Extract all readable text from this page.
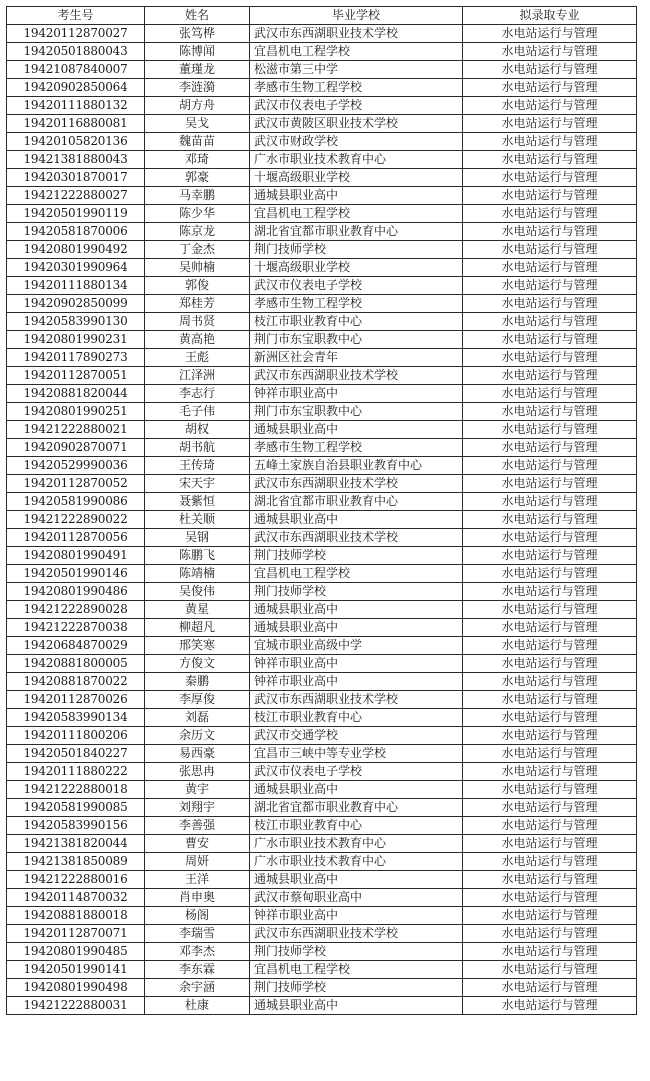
考生号	姓名	毕业学校	拟录取专业
19420112870027	张笃桦	武汉市东西湖职业技术学校	水电站运行与管理
19420501880043	陈博闻	宜昌机电工程学校	水电站运行与管理
19421087840007	董瑾龙	松滋市第三中学	水电站运行与管理
19420902850064	李涟漪	孝感市生物工程学校	水电站运行与管理
19420111880132	胡方舟	武汉市仪表电子学校	水电站运行与管理
19420116880081	吴戈	武汉市黄陂区职业技术学校	水电站运行与管理
19420105820136	魏苗苗	武汉市财政学校	水电站运行与管理
19421381880043	邓琦	广水市职业技术教育中心	水电站运行与管理
19420301870017	郭豪	十堰高级职业学校	水电站运行与管理
19421222880027	马幸鹏	通城县职业高中	水电站运行与管理
19420501990119	陈少华	宜昌机电工程学校	水电站运行与管理
19420581870006	陈京龙	湖北省宜都市职业教育中心	水电站运行与管理
19420801990492	丁金杰	荆门技师学校	水电站运行与管理
19420301990964	吴帅楠	十堰高级职业学校	水电站运行与管理
19420111880134	郭俊	武汉市仪表电子学校	水电站运行与管理
19420902850099	郑桂芳	孝感市生物工程学校	水电站运行与管理
19420583990130	周书贤	枝江市职业教育中心	水电站运行与管理
19420801990231	黄高艳	荆门市东宝职教中心	水电站运行与管理
19420117890273	王彪	新洲区社会青年	水电站运行与管理
19420112870051	江泽洲	武汉市东西湖职业技术学校	水电站运行与管理
19420881820044	李志行	钟祥市职业高中	水电站运行与管理
19420801990251	毛子伟	荆门市东宝职教中心	水电站运行与管理
19421222880021	胡权	通城县职业高中	水电站运行与管理
19420902870071	胡书航	孝感市生物工程学校	水电站运行与管理
19420529990036	王传琦	五峰土家族自治县职业教育中心	水电站运行与管理
19420112870052	宋天宇	武汉市东西湖职业技术学校	水电站运行与管理
19420581990086	聂紫恒	湖北省宜都市职业教育中心	水电站运行与管理
19421222890022	杜关顺	通城县职业高中	水电站运行与管理
19420112870056	吴钢	武汉市东西湖职业技术学校	水电站运行与管理
19420801990491	陈鹏飞	荆门技师学校	水电站运行与管理
19420501990146	陈靖楠	宜昌机电工程学校	水电站运行与管理
19420801990486	吴俊伟	荆门技师学校	水电站运行与管理
19421222890028	黄星	通城县职业高中	水电站运行与管理
19421222870038	柳超凡	通城县职业高中	水电站运行与管理
19420684870029	邢笑寒	宜城市职业高级中学	水电站运行与管理
19420881800005	方俊文	钟祥市职业高中	水电站运行与管理
19420881870022	秦鹏	钟祥市职业高中	水电站运行与管理
19420112870026	李厚俊	武汉市东西湖职业技术学校	水电站运行与管理
19420583990134	刘磊	枝江市职业教育中心	水电站运行与管理
19420111800206	余历文	武汉市交通学校	水电站运行与管理
19420501840227	易西豪	宜昌市三峡中等专业学校	水电站运行与管理
19420111880222	张思冉	武汉市仪表电子学校	水电站运行与管理
19421222880018	黄宇	通城县职业高中	水电站运行与管理
19420581990085	刘翔宇	湖北省宜都市职业教育中心	水电站运行与管理
19420583990156	李善强	枝江市职业教育中心	水电站运行与管理
19421381820044	曹安	广水市职业技术教育中心	水电站运行与管理
19421381850089	周妍	广水市职业技术教育中心	水电站运行与管理
19421222880016	王洋	通城县职业高中	水电站运行与管理
19420114870032	肖申奥	武汉市蔡甸职业高中	水电站运行与管理
19420881880018	杨阁	钟祥市职业高中	水电站运行与管理
19420112870071	李瑞雪	武汉市东西湖职业技术学校	水电站运行与管理
19420801990485	邓李杰	荆门技师学校	水电站运行与管理
19420501990141	李东霖	宜昌机电工程学校	水电站运行与管理
19420801990498	余宇涵	荆门技师学校	水电站运行与管理
19421222880031	杜康	通城县职业高中	水电站运行与管理
